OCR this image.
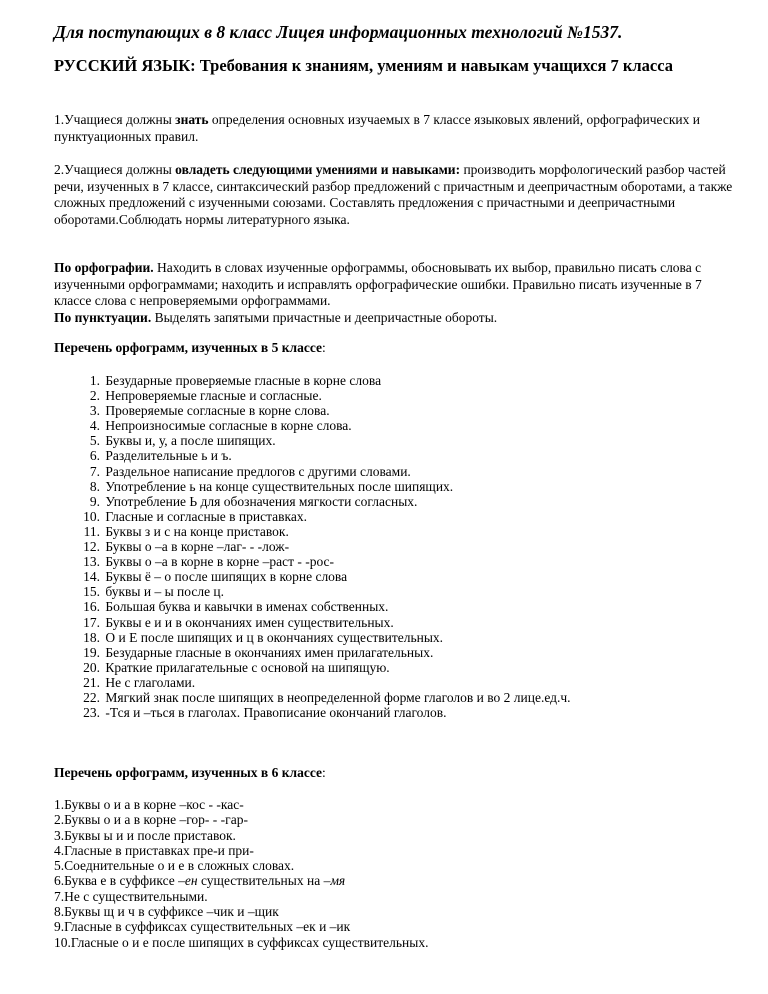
Для поступающих в 8 класс Лицея информационных технологий №1537.
РУССКИЙ ЯЗЫК: Требования к знаниям, умениям и навыкам учащихся 7 класса
1.Учащиеся должны знать определения основных изучаемых в 7 классе языковых явлений, орфографических и пунктуационных правил.
2.Учащиеся должны овладеть следующими умениями и навыками: производить морфологический разбор частей речи, изученных в 7 классе, синтаксический разбор предложений с причастным и деепричастным оборотами, а также сложных предложений с изученными союзами. Составлять предложения с причастными и деепричастными оборотами.Соблюдать нормы литературного языка.
По орфографии. Находить в словах изученные орфограммы, обосновывать их выбор, правильно писать слова с изученными орфограммами; находить и исправлять орфографические ошибки. Правильно писать изученные в 7 классе слова с непроверяемыми орфограммами.
По пунктуации. Выделять запятыми причастные и деепричастные обороты.
Перечень орфограмм, изученных в 5 классе:
1. Безударные проверяемые гласные в корне слова
2. Непроверяемые гласные и согласные.
3. Проверяемые согласные в корне слова.
4. Непроизносимые согласные в корне слова.
5. Буквы и, у, а после шипящих.
6. Разделительные ь и ъ.
7. Раздельное написание предлогов с другими словами.
8. Употребление ь на конце существительных после шипящих.
9. Употребление Ь для обозначения мягкости согласных.
10. Гласные и согласные в приставках.
11. Буквы з и с на конце приставок.
12. Буквы о –а в корне –лаг- - -лож-
13. Буквы о –а в корне в корне –раст - -рос-
14. Буквы ё – о после шипящих в корне слова
15. буквы и – ы после ц.
16. Большая буква и кавычки в именах собственных.
17. Буквы е и и в окончаниях имен существительных.
18. О и Е после шипящих и ц в окончаниях существительных.
19. Безударные гласные в окончаниях имен прилагательных.
20. Краткие прилагательные с основой на шипящую.
21. Не с глаголами.
22. Мягкий знак после шипящих в неопределенной форме глаголов и во 2 лице.ед.ч.
23. -Тся и –ться в глаголах. Правописание окончаний глаголов.
Перечень орфограмм, изученных в 6 классе:
1.Буквы о и а в корне –кос - -кас-
2.Буквы о и а в корне –гор- - -гар-
3.Буквы ы и и после приставок.
4.Гласные в приставках пре-и при-
5.Соеднительные о и е в сложных словах.
6.Буква е в суффиксе –ен существительных на –мя
7.Не с существительными.
8.Буквы щ и ч в суффиксе –чик и –щик
9.Гласные в суффиксах существительных –ек и –ик
10.Гласные о и е после шипящих в суффиксах существительных.
